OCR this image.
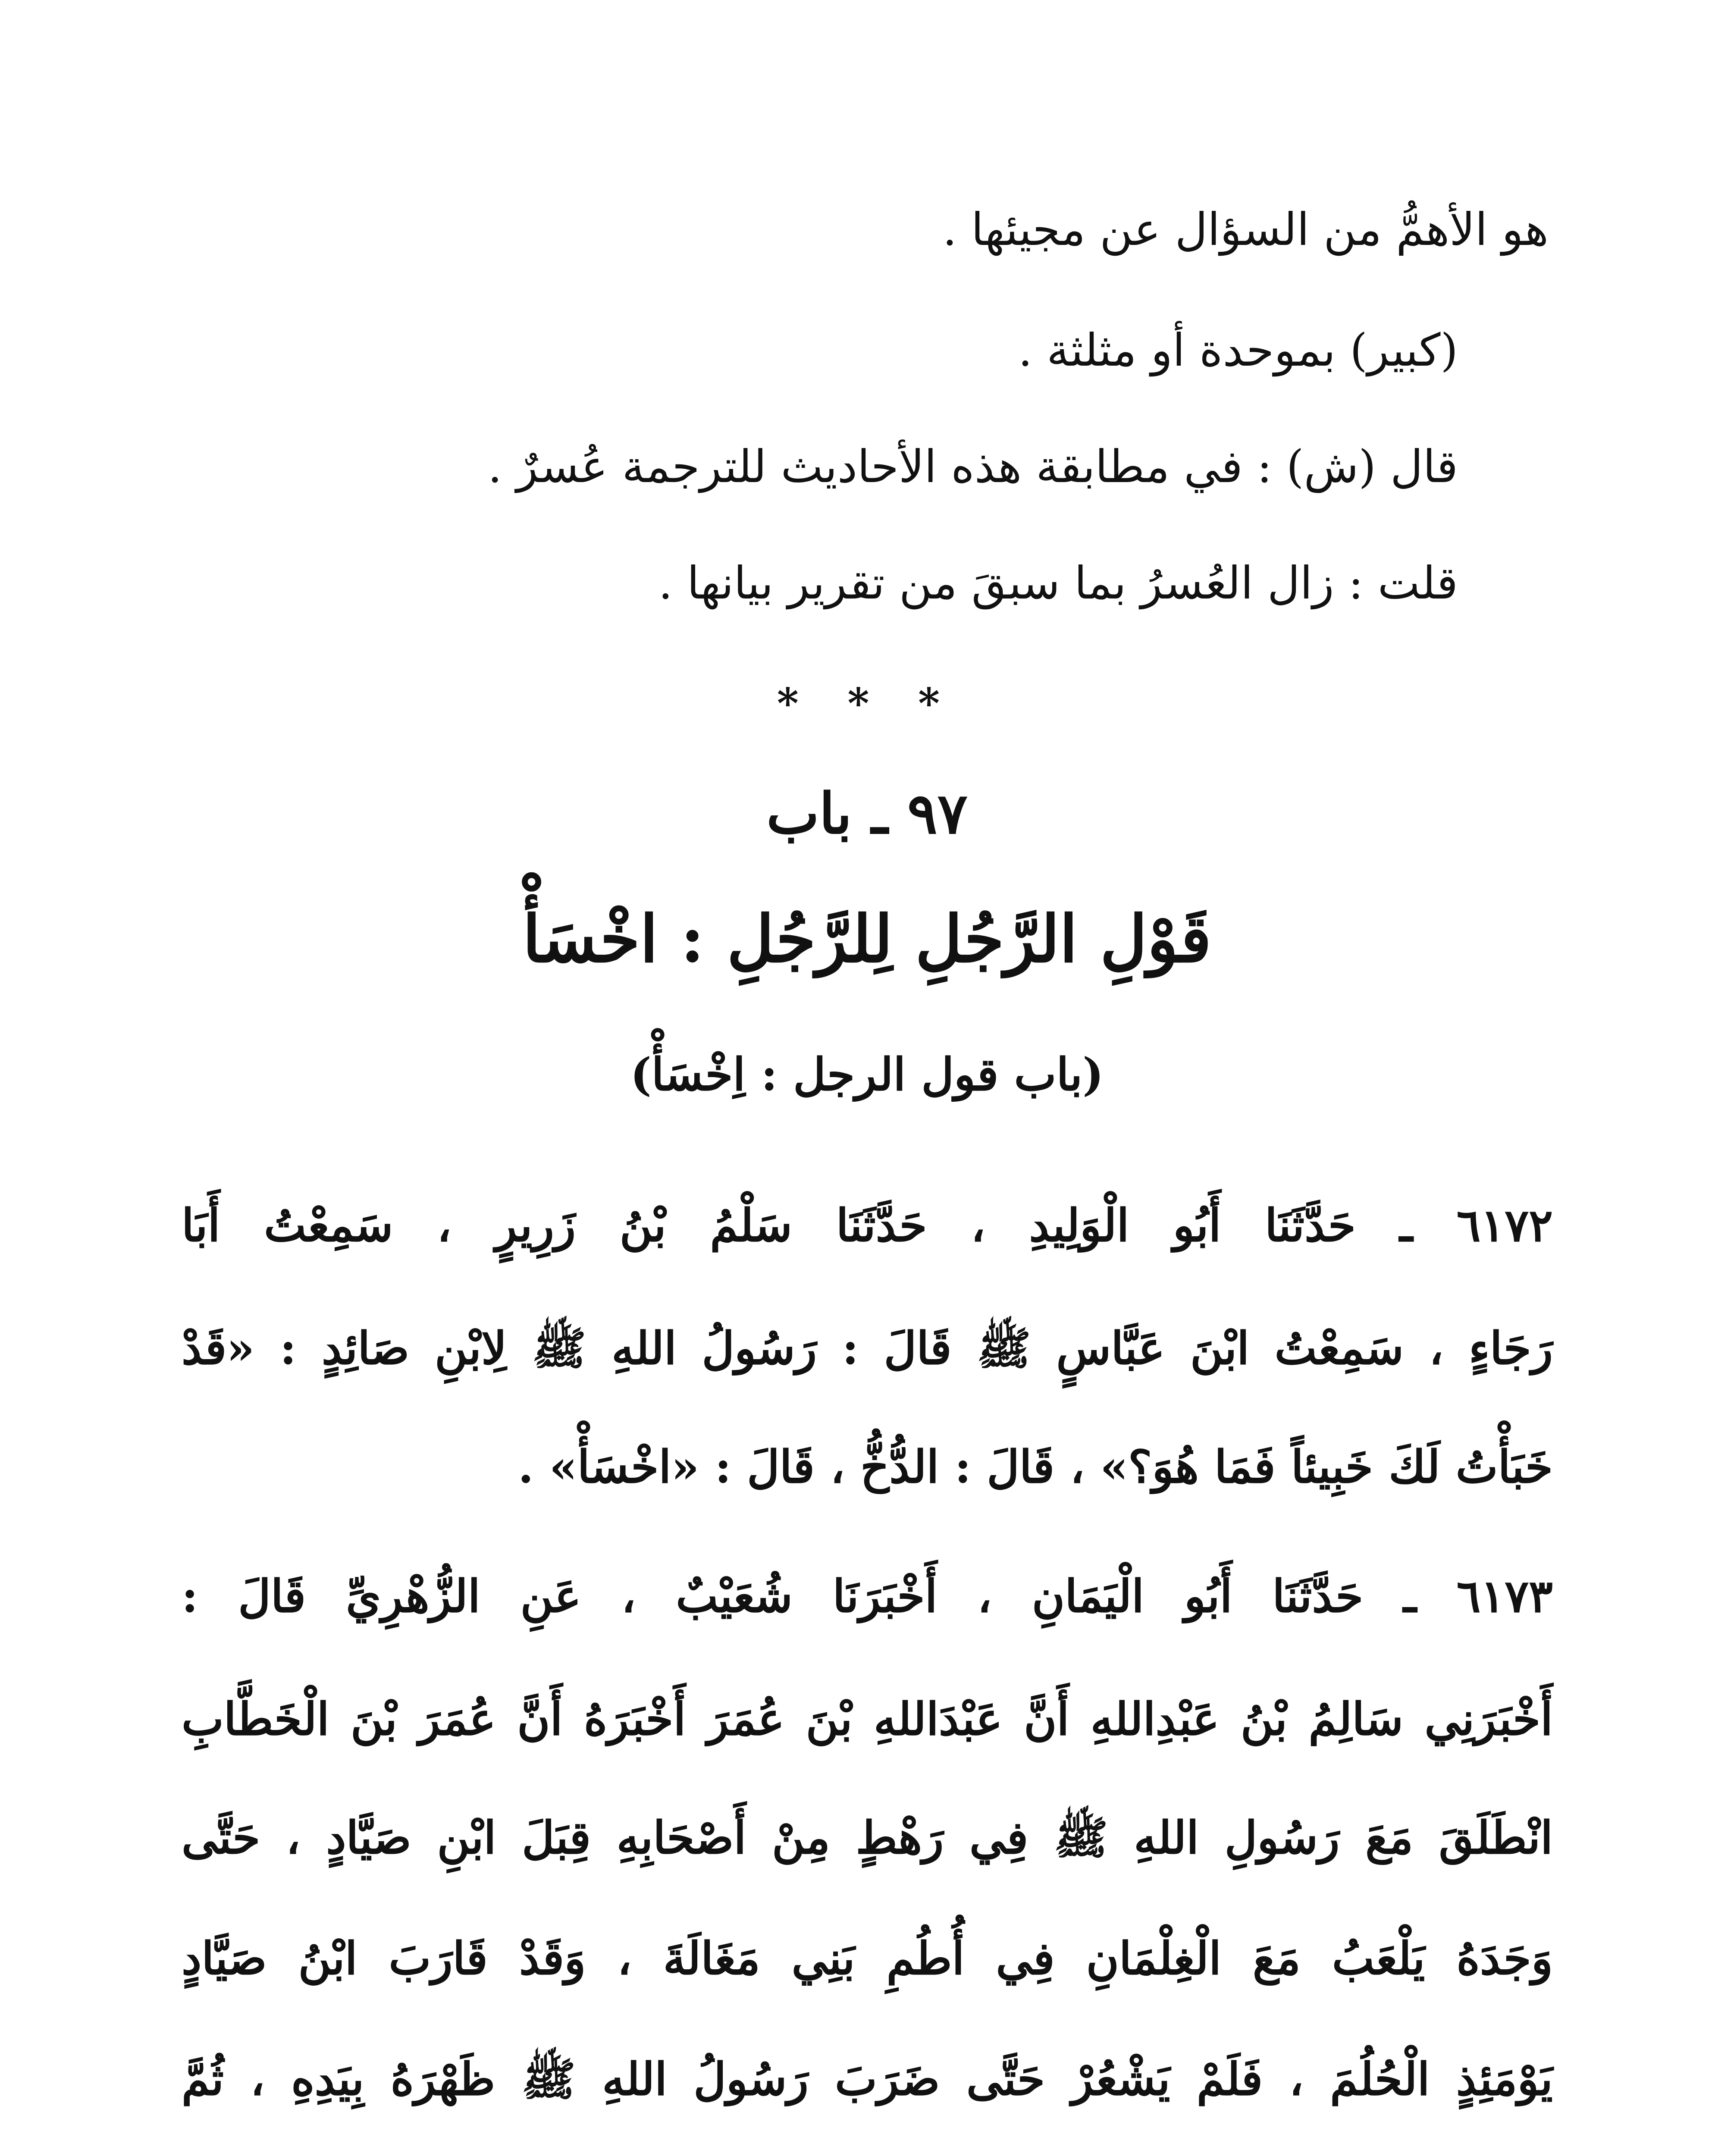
هو الأهمُّ من السؤال عن مجيئها .
(كبير) بموحدة أو مثلثة .
قال (ش) : في مطابقة هذه الأحاديث للترجمة عُسرٌ .
قلت : زال العُسرُ بما سبقَ من تقرير بيانها .
* * *
٩٧ ـ باب
قَوْلِ الرَّجُلِ لِلرَّجُلِ : اخْسَأْ
(باب قول الرجل : اِخْسَأْ)
٦١٧٢ ـ حَدَّثَنَا أَبُو الْوَلِيدِ ، حَدَّثَنَا سَلْمُ بْنُ زَرِيرٍ ، سَمِعْتُ أَبَا
رَجَاءٍ ، سَمِعْتُ ابْنَ عَبَّاسٍ ﷺ قَالَ : رَسُولُ اللهِ ﷺ لِابْنِ صَائِدٍ : «قَدْ
خَبَأْتُ لَكَ خَبِيئاً فَمَا هُوَ؟» ، قَالَ : الدُّخُّ ، قَالَ : «اخْسَأْ» .
٦١٧٣ ـ حَدَّثَنَا أَبُو الْيَمَانِ ، أَخْبَرَنَا شُعَيْبٌ ، عَنِ الزُّهْرِيِّ قَالَ :
أَخْبَرَنِي سَالِمُ بْنُ عَبْدِاللهِ أَنَّ عَبْدَاللهِ بْنَ عُمَرَ أَخْبَرَهُ أَنَّ عُمَرَ بْنَ الْخَطَّابِ
انْطَلَقَ مَعَ رَسُولِ اللهِ ﷺ فِي رَهْطٍ مِنْ أَصْحَابِهِ قِبَلَ ابْنِ صَيَّادٍ ، حَتَّى
وَجَدَهُ يَلْعَبُ مَعَ الْغِلْمَانِ فِي أُطُمِ بَنِي مَغَالَةَ ، وَقَدْ قَارَبَ ابْنُ صَيَّادٍ
يَوْمَئِذٍ الْحُلُمَ ، فَلَمْ يَشْعُرْ حَتَّى ضَرَبَ رَسُولُ اللهِ ﷺ ظَهْرَهُ بِيَدِهِ ، ثُمَّ
